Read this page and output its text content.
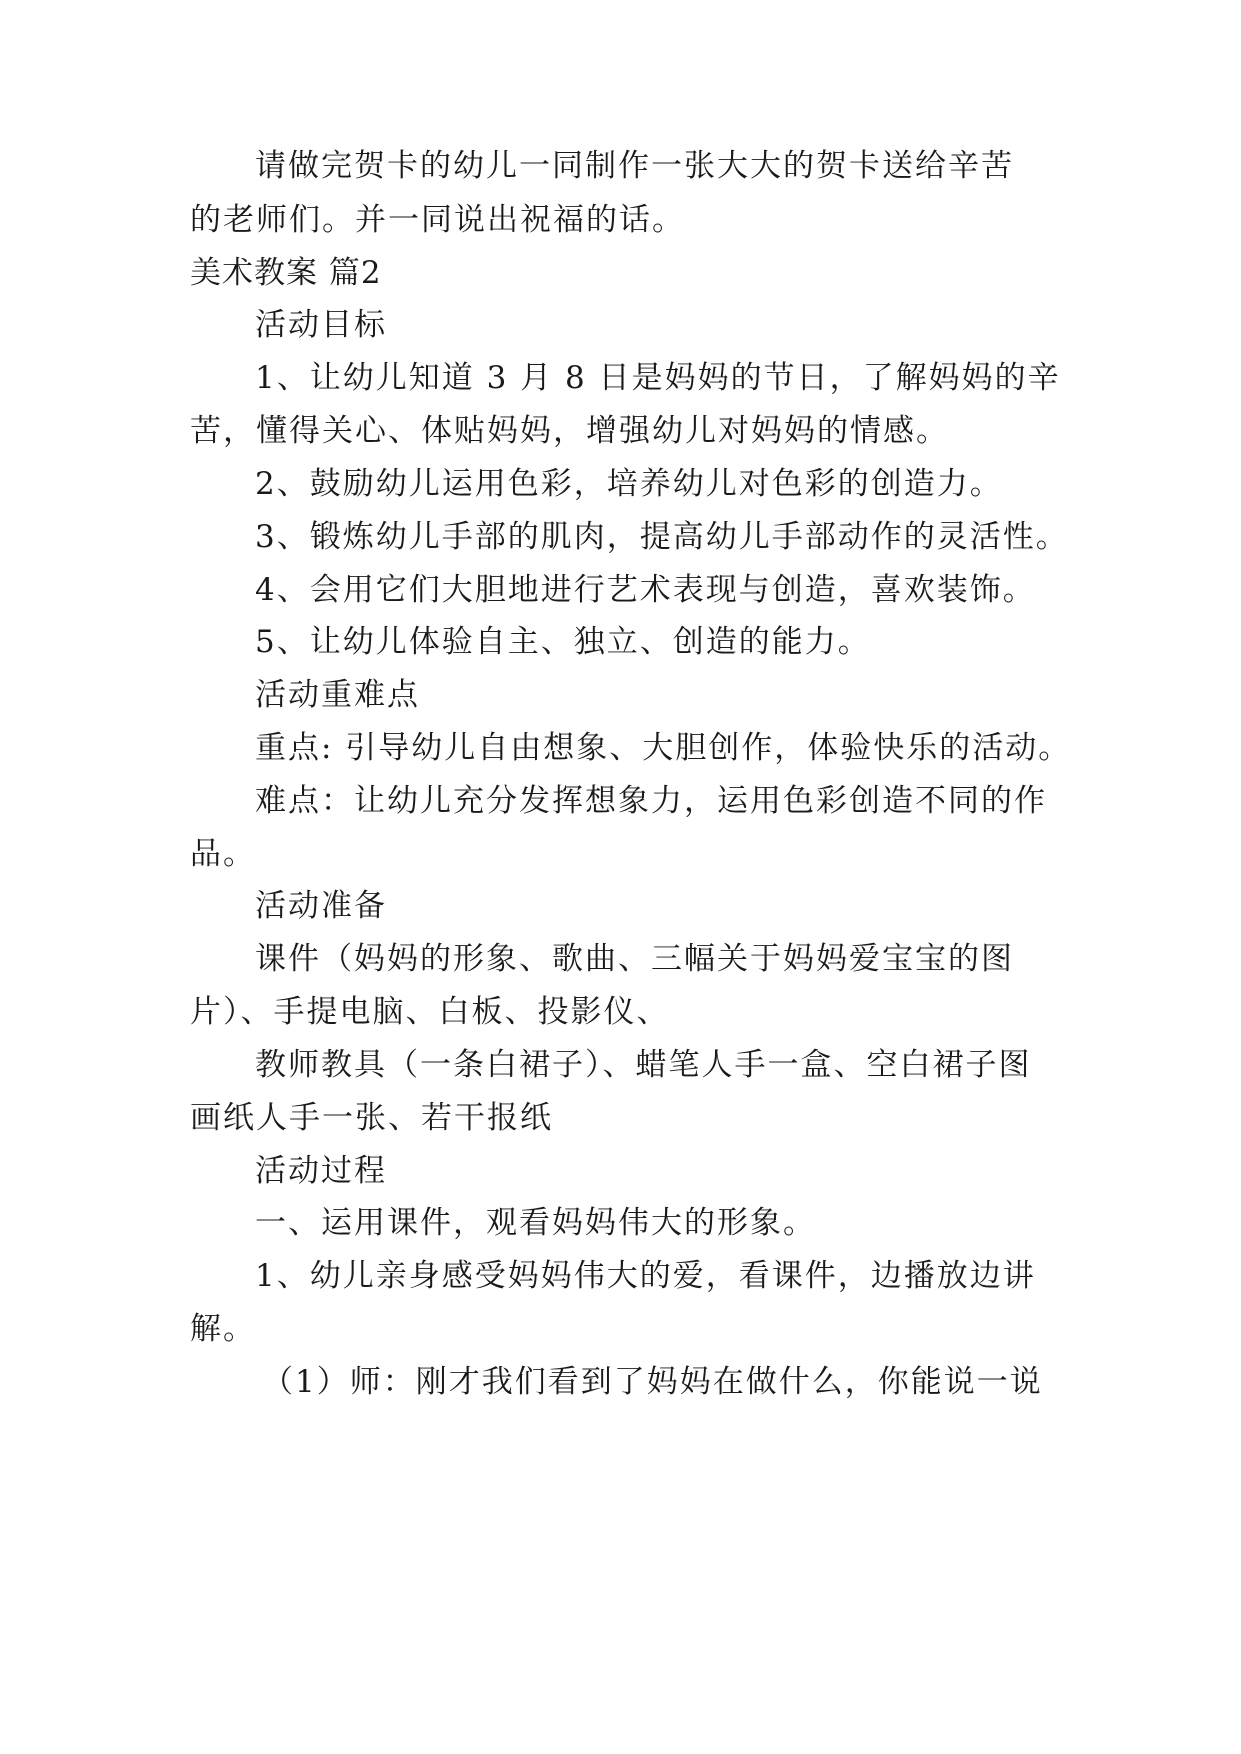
请做完贺卡的幼儿一同制作一张大大的贺卡送给辛苦
的老师们。并一同说出祝福的话。
美术教案 篇2
活动目标
1、让幼儿知道 3 月 8 日是妈妈的节日，了解妈妈的辛
苦，懂得关心、体贴妈妈，增强幼儿对妈妈的情感。
2、鼓励幼儿运用色彩，培养幼儿对色彩的创造力。
3、锻炼幼儿手部的肌肉，提高幼儿手部动作的灵活性。
4、会用它们大胆地进行艺术表现与创造，喜欢装饰。
5、让幼儿体验自主、独立、创造的能力。
活动重难点
重点: 引导幼儿自由想象、大胆创作，体验快乐的活动。
难点：让幼儿充分发挥想象力，运用色彩创造不同的作
品。
活动准备
课件（妈妈的形象、歌曲、三幅关于妈妈爱宝宝的图
片）、手提电脑、白板、投影仪、
教师教具（一条白裙子）、蜡笔人手一盒、空白裙子图
画纸人手一张、若干报纸
活动过程
一、运用课件，观看妈妈伟大的形象。
1、幼儿亲身感受妈妈伟大的爱，看课件，边播放边讲
解。
（1）师：刚才我们看到了妈妈在做什么，你能说一说
